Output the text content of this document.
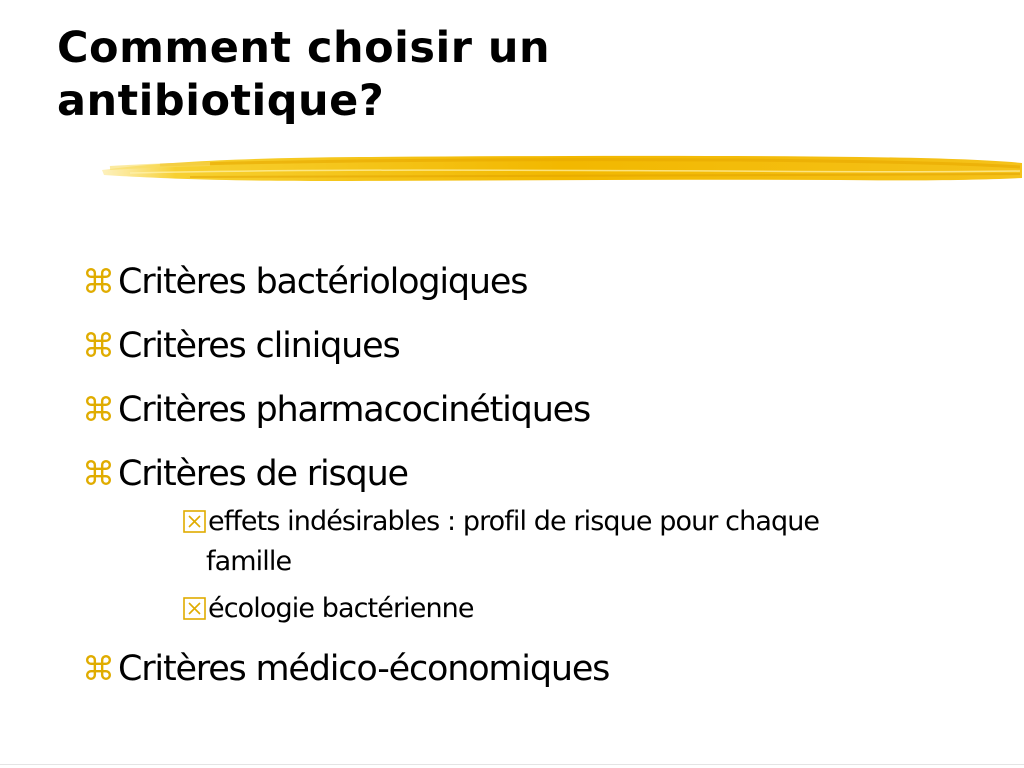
Comment choisir un
antibiotique?
⌘Critères bactériologiques
⌘Critères cliniques
⌘Critères pharmacocinétiques
⌘Critères de risque
effets indésirables : profil de risque pour chaque famille
écologie bactérienne
⌘Critères médico-économiques
